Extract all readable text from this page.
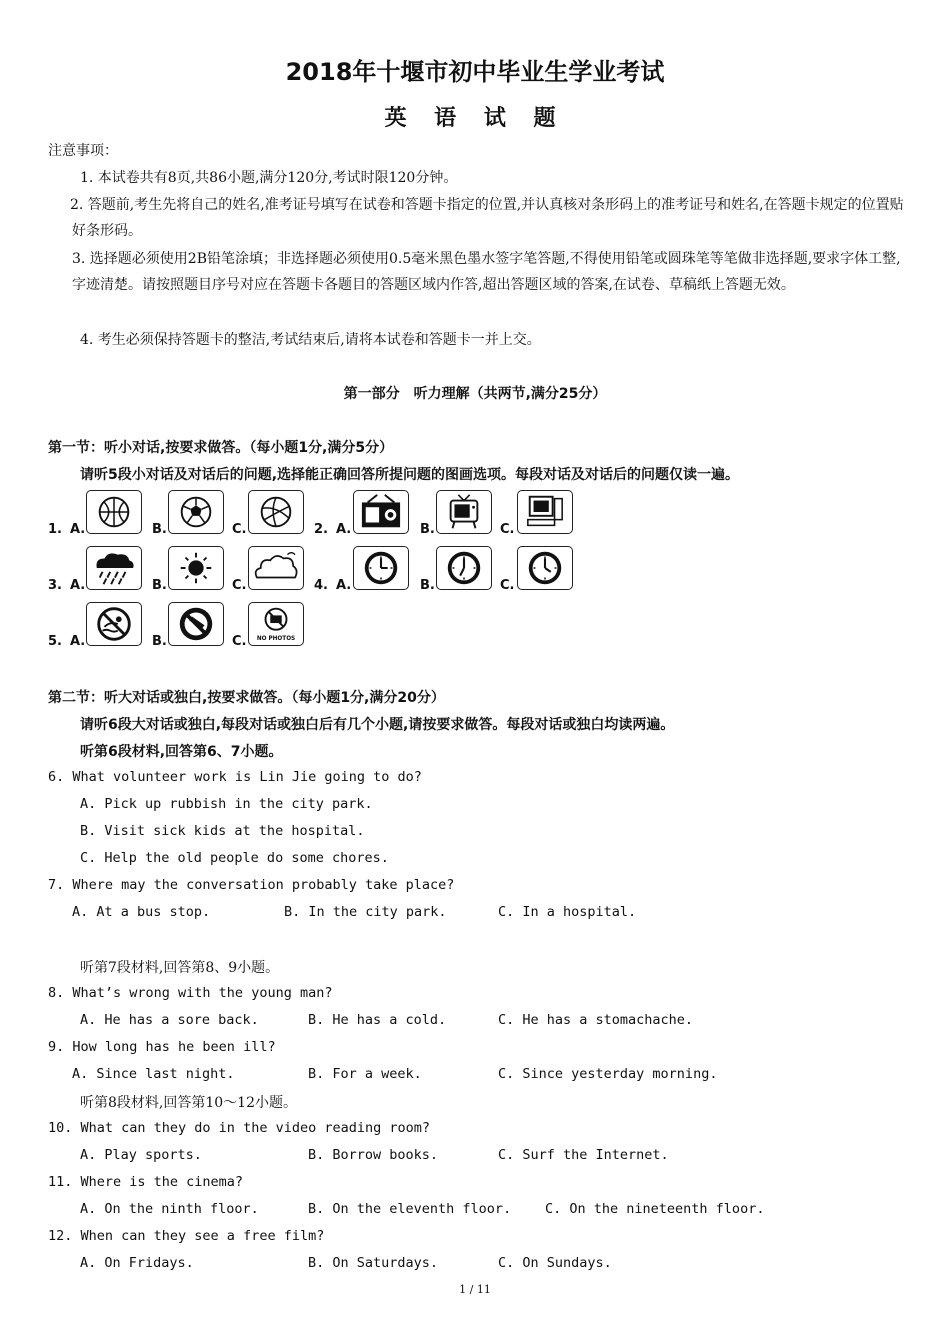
2018年十堰市初中毕业生学业考试
英 语 试 题
注意事项：
1. 本试卷共有8页,共86小题,满分120分,考试时限120分钟。
2. 答题前,考生先将自己的姓名,准考证号填写在试卷和答题卡指定的位置,并认真核对条形码上的准考证号和姓名,在答题卡规定的位置贴好条形码。
3. 选择题必须使用2B铅笔涂填；非选择题必须使用0.5毫米黑色墨水签字笔答题,不得使用铅笔或圆珠笔等笔做非选择题,要求字体工整,字迹清楚。请按照题目序号对应在答题卡各题目的答题区域内作答,超出答题区域的答案,在试卷、草稿纸上答题无效。
4. 考生必须保持答题卡的整洁,考试结束后,请将本试卷和答题卡一并上交。
第一部分　听力理解（共两节,满分25分）
第一节：听小对话,按要求做答。（每小题1分,满分5分）
请听5段小对话及对话后的问题,选择能正确回答所提问题的图画选项。每段对话及对话后的问题仅读一遍。
1. A.	B.	C.	2. A.	B.	C.
3. A.	B.	C.	4. A.	B.	C.
5. A.	B.	C. NO PHOTOS
第二节：听大对话或独白,按要求做答。（每小题1分,满分20分）
请听6段大对话或独白,每段对话或独白后有几个小题,请按要求做答。每段对话或独白均读两遍。
听第6段材料,回答第6、7小题。
6. What volunteer work is Lin Jie going to do?
A. Pick up rubbish in the city park.
B. Visit sick kids at the hospital.
C. Help the old people do some chores.
7. Where may the conversation probably take place?
A. At a bus stop.	B. In the city park.	C. In a hospital.
听第7段材料,回答第8、9小题。
8. What’s wrong with the young man?
A. He has a sore back.	B. He has a cold.	C. He has a stomachache.
9. How long has he been ill?
A. Since last night.	B. For a week.	C. Since yesterday morning.
听第8段材料,回答第10～12小题。
10. What can they do in the video reading room?
A. Play sports.	B. Borrow books.	C. Surf the Internet.
11. Where is the cinema?
A. On the ninth floor.	B. On the eleventh floor.	C. On the nineteenth floor.
12. When can they see a free film?
A. On Fridays.	B. On Saturdays.	C. On Sundays.
1 / 11
